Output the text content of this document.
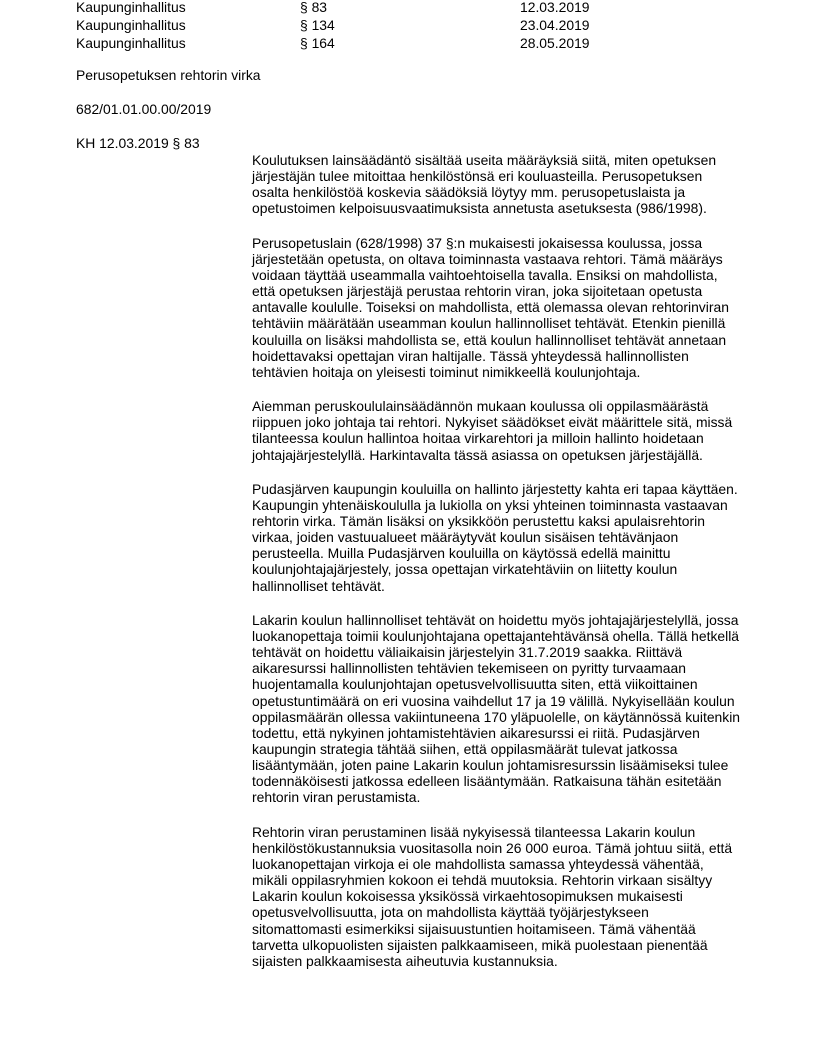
Kaupunginhallitus	§ 83	12.03.2019
Kaupunginhallitus	§ 134	23.04.2019
Kaupunginhallitus	§ 164	28.05.2019
Perusopetuksen rehtorin virka
682/01.01.00.00/2019
KH 12.03.2019 § 83

Koulutuksen lainsäädäntö sisältää useita määräyksiä siitä, miten opetuksen järjestäjän tulee mitoittaa henkilöstönsä eri kouluasteilla. Perusopetuksen osalta henkilöstöä koskevia säädöksiä löytyy mm. perusopetuslaista ja opetustoimen kelpoisuusvaatimuksista annetusta asetuksesta (986/1998).

Perusopetuslain (628/1998) 37 §:n mukaisesti jokaisessa koulussa, jossa järjestetään opetusta, on oltava toiminnasta vastaava rehtori. Tämä määräys voidaan täyttää useammalla vaihtoehtoisella tavalla. Ensiksi on mahdollista, että opetuksen järjestäjä perustaa rehtorin viran, joka sijoitetaan opetusta antavalle koululle. Toiseksi on mahdollista, että olemassa olevan rehtorinviran tehtäviin määrätään useamman koulun hallinnolliset tehtävät. Etenkin pienillä kouluilla on lisäksi mahdollista se, että koulun hallinnolliset tehtävät annetaan hoidettavaksi opettajan viran haltijalle. Tässä yhteydessä hallinnollisten tehtävien hoitaja on yleisesti toiminut nimikkeellä koulunjohtaja.

Aiemman peruskoululainsäädännön mukaan koulussa oli oppilasmäärästä riippuen joko johtaja tai rehtori. Nykyiset säädökset eivät määrittele sitä, missä tilanteessa koulun hallintoa hoitaa virkarehtori ja milloin hallinto hoidetaan johtajajärjestelyllä. Harkintavalta tässä asiassa on opetuksen järjestäjällä.

Pudasjärven kaupungin kouluilla on hallinto järjestetty kahta eri tapaa käyttäen. Kaupungin yhtenäiskoululla ja lukiolla on yksi yhteinen toiminnasta vastaavan rehtorin virka. Tämän lisäksi on yksikköön perustettu kaksi apulaisrehtorin virkaa, joiden vastuualueet määräytyvät koulun sisäisen tehtävänjaon perusteella. Muilla Pudasjärven kouluilla on käytössä edellä mainittu koulunjohtajajärjestely, jossa opettajan virkatehtäviin on liitetty koulun hallinnolliset tehtävät.

Lakarin koulun hallinnolliset tehtävät on hoidettu myös johtajajärjestelyllä, jossa luokanopettaja toimii koulunjohtajana opettajantehtävänsä ohella. Tällä hetkellä tehtävät on hoidettu väliaikaisin järjestelyin 31.7.2019 saakka. Riittävä aikaresurssi hallinnollisten tehtävien tekemiseen on pyritty turvaamaan huojentamalla koulunjohtajan opetusvelvollisuutta siten, että viikoittainen opetustuntimäärä on eri vuosina vaihdellut 17 ja 19 välillä. Nykyisellään koulun oppilasmäärän ollessa vakiintuneena 170 yläpuolelle, on käytännössä kuitenkin todettu, että nykyinen johtamistehtävien aikaresurssi ei riitä. Pudasjärven kaupungin strategia tähtää siihen, että oppilasmäärät tulevat jatkossa lisääntymään, joten paine Lakarin koulun johtamisresurssin lisäämiseksi tulee todennäköisesti jatkossa edelleen lisääntymään. Ratkaisuna tähän esitetään rehtorin viran perustamista.

Rehtorin viran perustaminen lisää nykyisessä tilanteessa Lakarin koulun henkilöstökustannuksia vuositasolla noin 26 000 euroa. Tämä johtuu siitä, että luokanopettajan virkoja ei ole mahdollista samassa yhteydessä vähentää, mikäli oppilasryhmien kokoon ei tehdä muutoksia. Rehtorin virkaan sisältyy Lakarin koulun kokoisessa yksikössä virkaehtosopimuksen mukaisesti opetusvelvollisuutta, jota on mahdollista käyttää työjärjestykseen sitomattomasti esimerkiksi sijaisuustuntien hoitamiseen. Tämä vähentää tarvetta ulkopuolisten sijaisten palkkaamiseen, mikä puolestaan pienentää sijaisten palkkaamisesta aiheutuvia kustannuksia.
